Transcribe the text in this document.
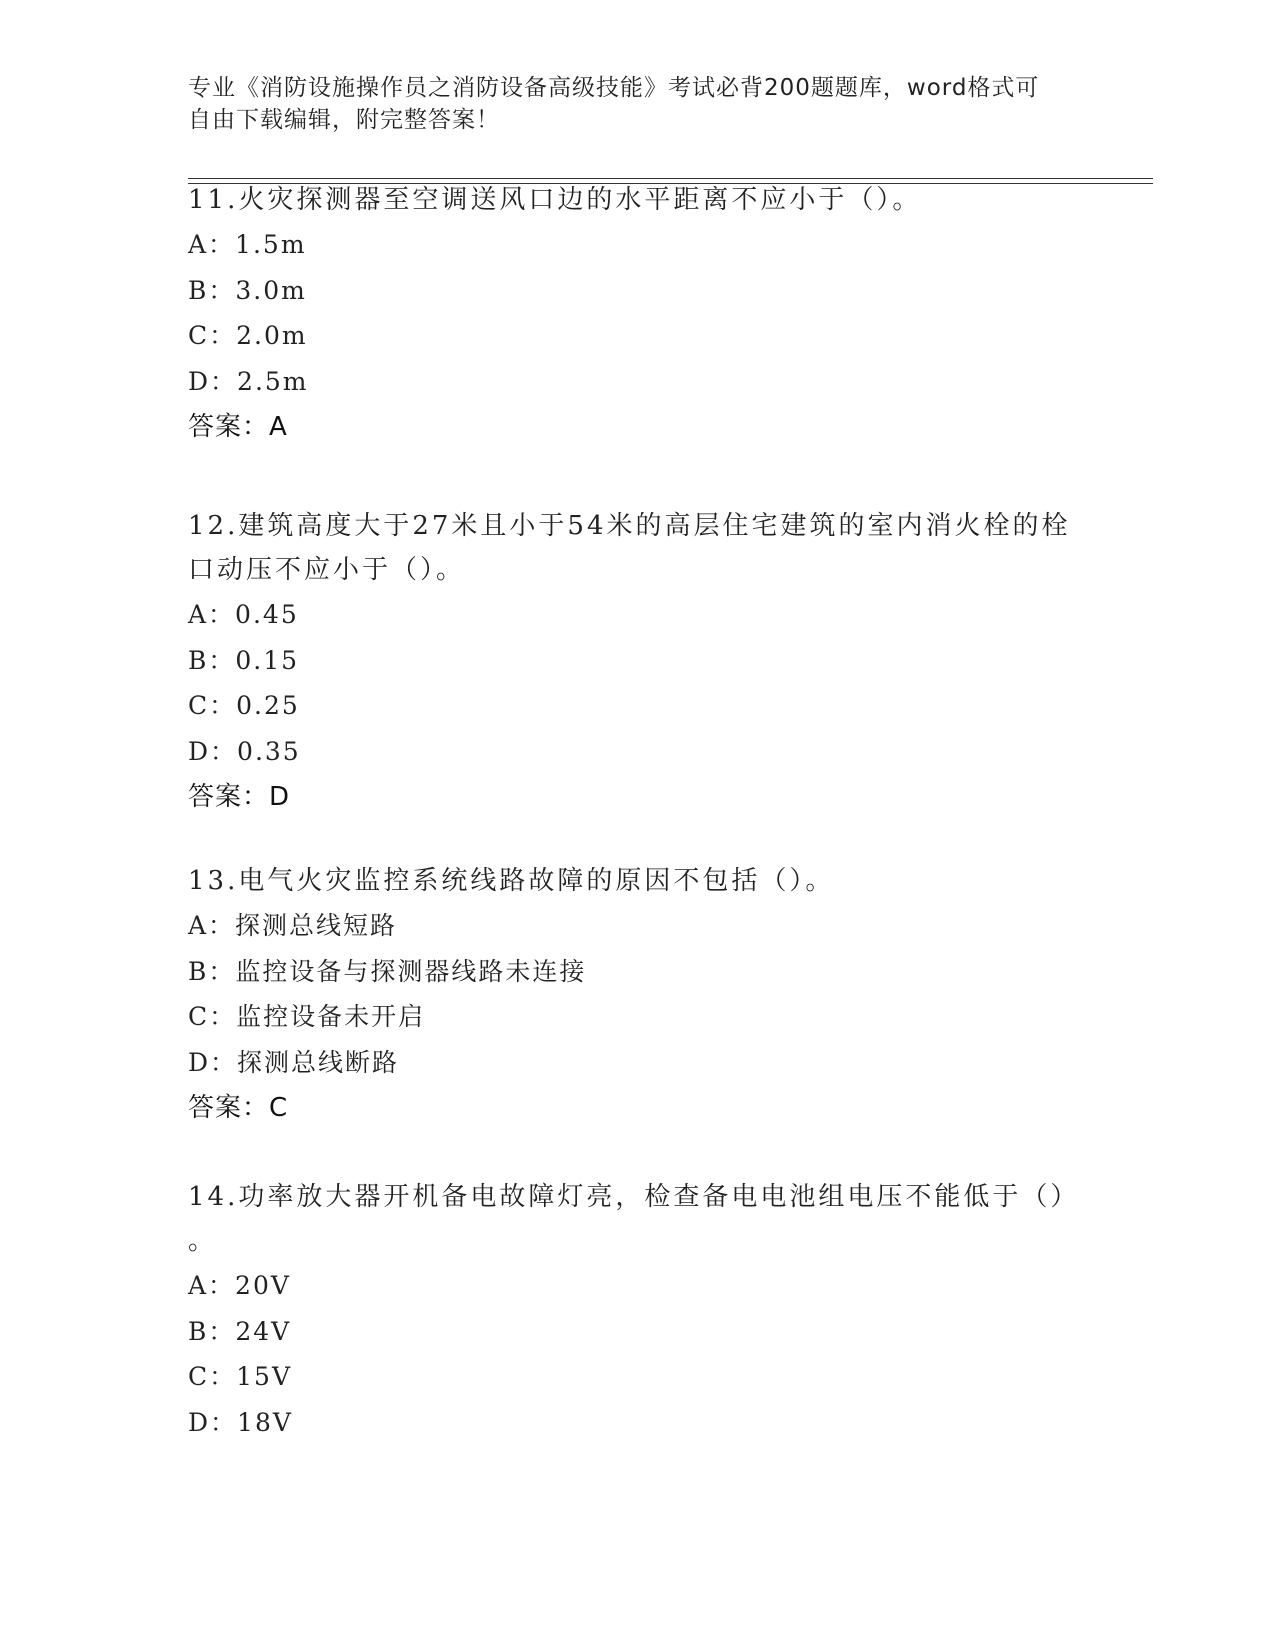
专业《消防设施操作员之消防设备高级技能》考试必背200题题库，word格式可
自由下载编辑，附完整答案！
11.火灾探测器至空调送风口边的水平距离不应小于（）。
A：1.5m
B：3.0m
C：2.0m
D：2.5m
答案：A
12.建筑高度大于27米且小于54米的高层住宅建筑的室内消火栓的栓
口动压不应小于（）。
A：0.45
B：0.15
C：0.25
D：0.35
答案：D
13.电气火灾监控系统线路故障的原因不包括（）。
A：探测总线短路
B：监控设备与探测器线路未连接
C：监控设备未开启
D：探测总线断路
答案：C
14.功率放大器开机备电故障灯亮，检查备电电池组电压不能低于（）
。
A：20V
B：24V
C：15V
D：18V
